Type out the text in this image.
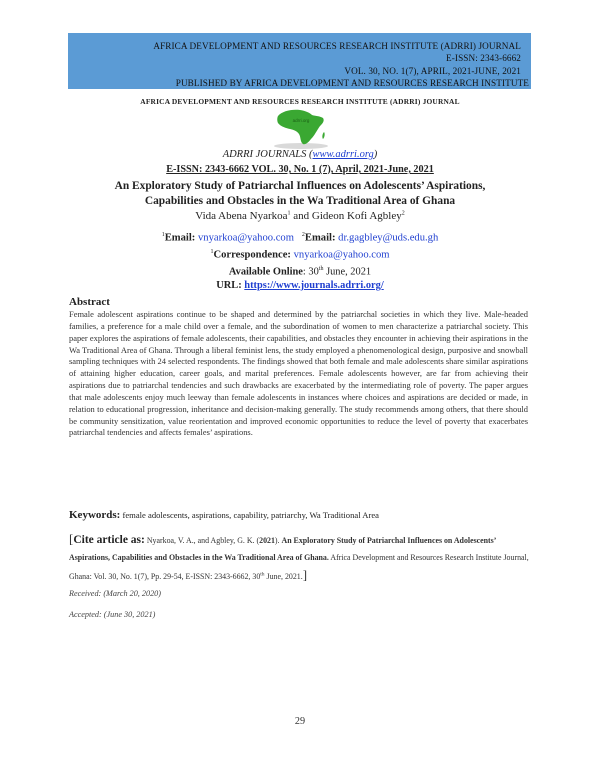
AFRICA DEVELOPMENT AND RESOURCES RESEARCH INSTITUTE (ADRRI) JOURNAL
E-ISSN: 2343-6662
VOL. 30, NO. 1(7), APRIL, 2021-JUNE, 2021
PUBLISHED BY AFRICA DEVELOPMENT AND RESOURCES RESEARCH INSTITUTE
AFRICA DEVELOPMENT AND RESOURCES RESEARCH INSTITUTE (ADRRI) JOURNAL
adrri.org
ADRRI JOURNALS (www.adrri.org)
E-ISSN: 2343-6662 VOL. 30, No. 1 (7), April, 2021-June, 2021
An Exploratory Study of Patriarchal Influences on Adolescents’ Aspirations,
Capabilities and Obstacles in the Wa Traditional Area of Ghana
Vida Abena Nyarkoa$^1$ and Gideon Kofi Agbley$^2$
$^1$Email: vnyarkoa@yahoo.com $^2$Email: dr.gagbley@uds.edu.gh
$^1$Correspondence: vnyarkoa@yahoo.com
Available Online: 30th June, 2021
URL: https://www.journals.adrri.org/
Abstract
Female adolescent aspirations continue to be shaped and determined by the patriarchal societies in which they live. Male-headed families, a preference for a male child over a female, and the subordination of women to men characterize a patriarchal society. This paper explores the aspirations of female adolescents, their capabilities, and obstacles they encounter in achieving their aspirations in the Wa Traditional Area of Ghana. Through a liberal feminist lens, the study employed a phenomenological design, purposive and snowball sampling techniques with 24 selected respondents. The findings showed that both female and male adolescents share similar aspirations of attaining higher education, career goals, and marital preferences. Female adolescents however, are far from achieving their aspirations due to patriarchal tendencies and such drawbacks are exacerbated by the intermediating role of poverty. The paper argues that male adolescents enjoy much leeway than female adolescents in instances where choices and aspirations are decided or made, in relation to educational progression, inheritance and decision-making generally. The study recommends among others, that there should be community sensitization, value reorientation and improved economic opportunities to reduce the level of poverty that exacerbates patriarchal tendencies and affects females’ aspirations.
Keywords: female adolescents, aspirations, capability, patriarchy, Wa Traditional Area
[Cite article as: Nyarkoa, V. A., and Agbley, G. K. (2021). An Exploratory Study of Patriarchal Influences on Adolescents’ Aspirations, Capabilities and Obstacles in the Wa Traditional Area of Ghana. Africa Development and Resources Research Institute Journal, Ghana: Vol. 30, No. 1(7), Pp. 29-54, E-ISSN: 2343-6662, 30th June, 2021.]
Received: (March 20, 2020)
Accepted: (June 30, 2021)
29
